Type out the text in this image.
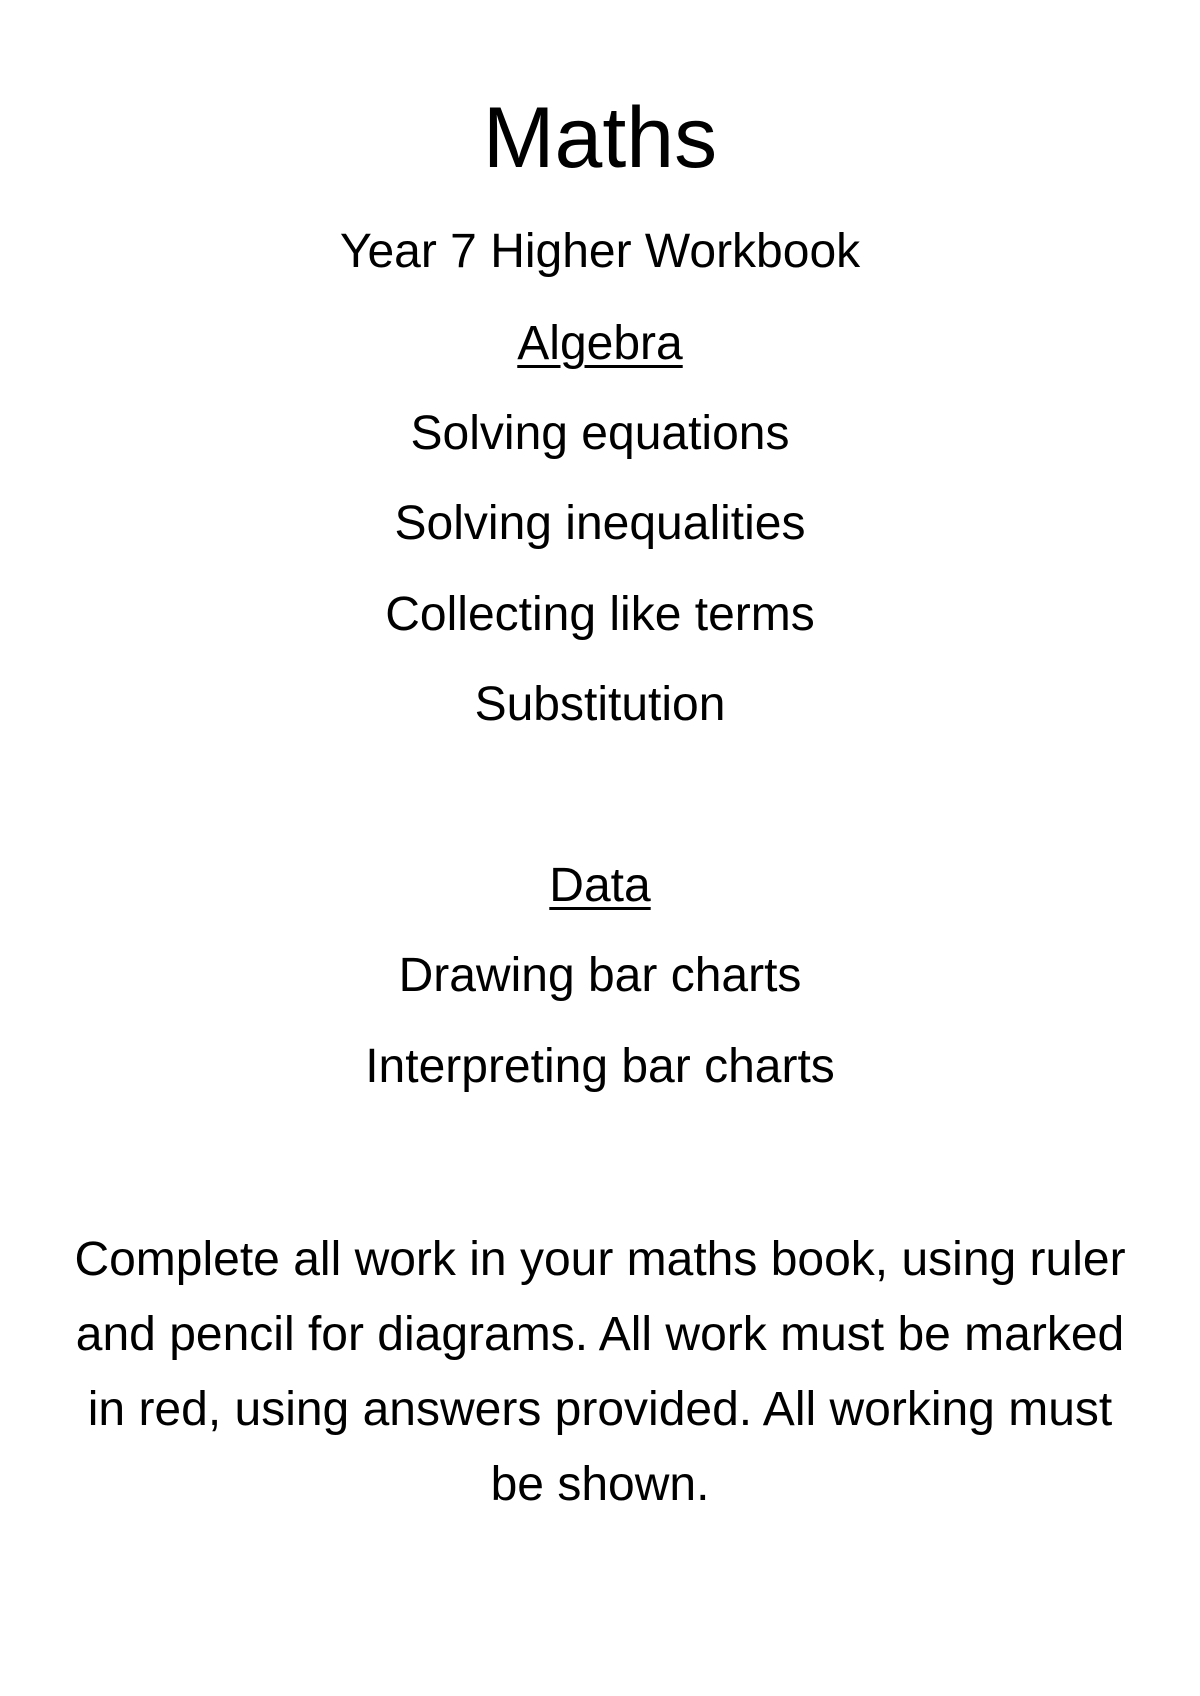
Maths

Year 7 Higher Workbook

Algebra

Solving equations

Solving inequalities

Collecting like terms

Substitution

Data

Drawing bar charts

Interpreting bar charts

Complete all work in your maths book, using ruler and pencil for diagrams. All work must be marked in red, using answers provided. All working must be shown.
